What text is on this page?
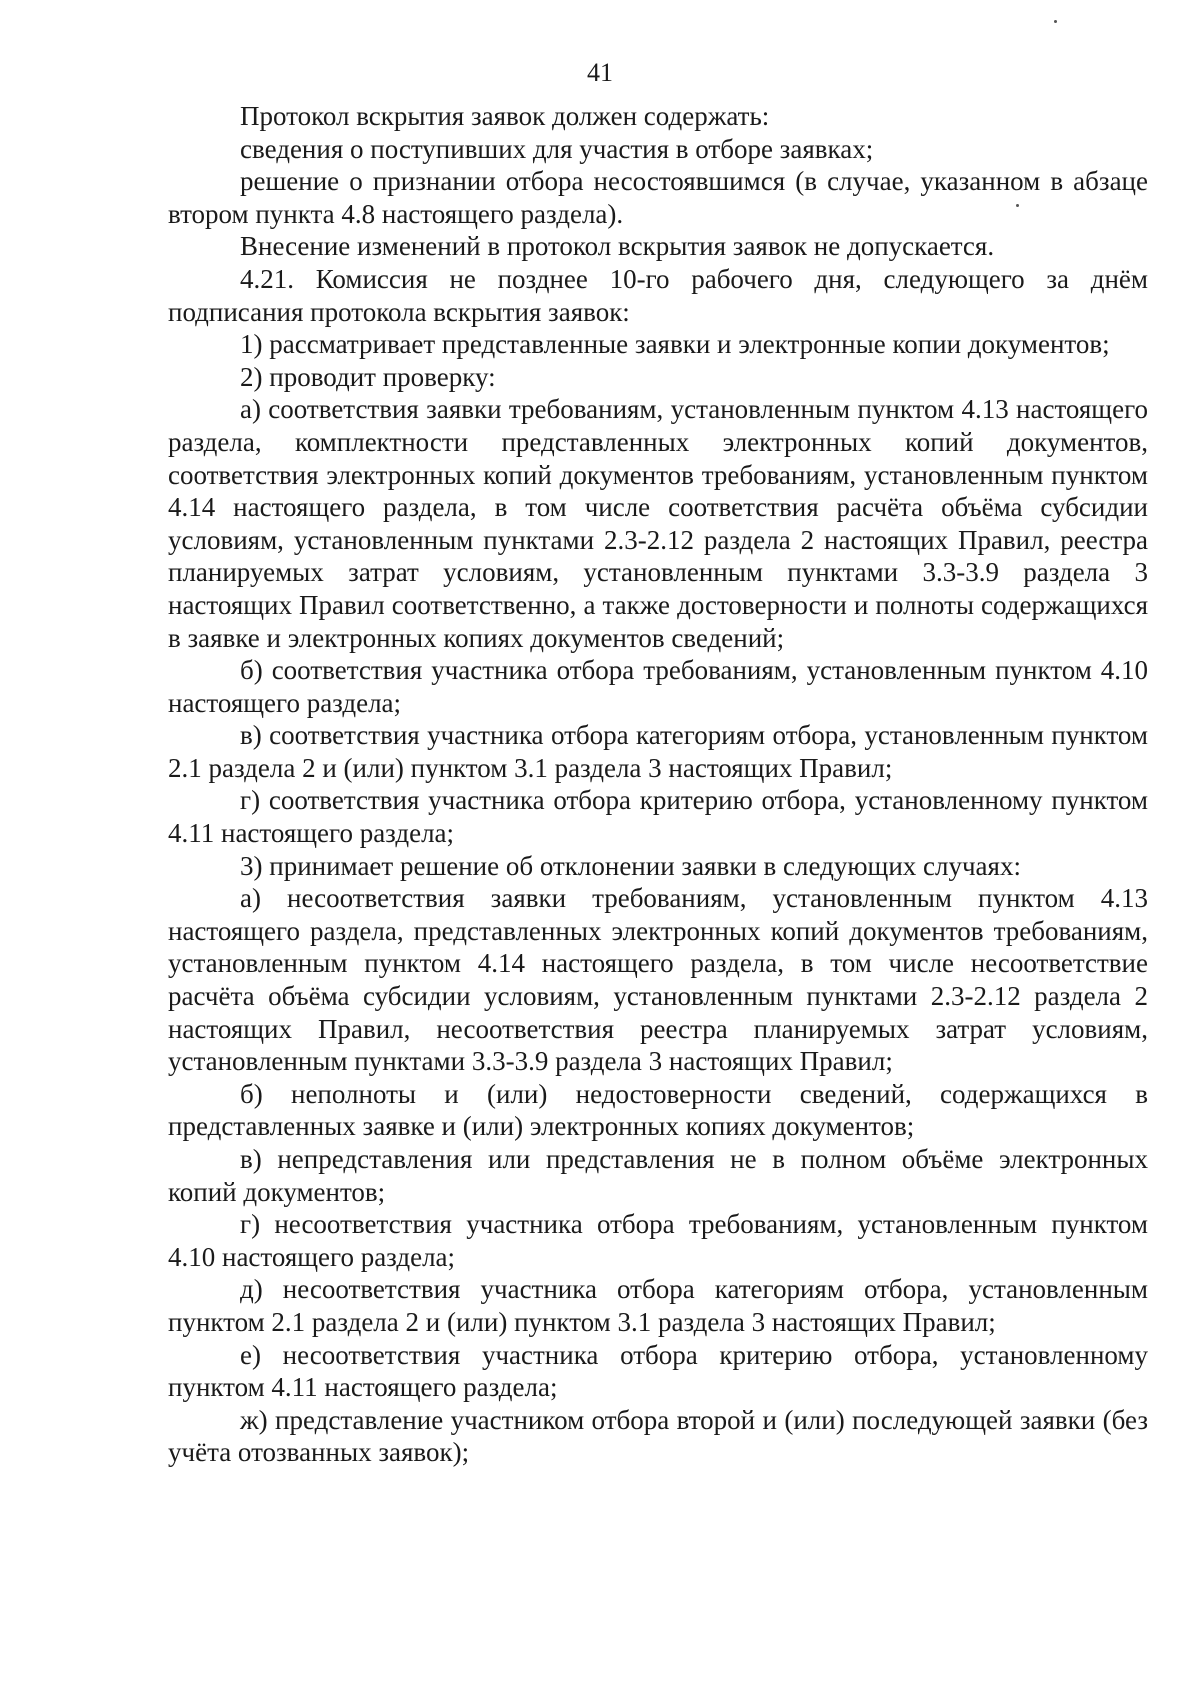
41

Протокол вскрытия заявок должен содержать:

сведения о поступивших для участия в отборе заявках;

решение о признании отбора несостоявшимся (в случае, указанном в абзаце втором пункта 4.8 настоящего раздела).

Внесение изменений в протокол вскрытия заявок не допускается.

4.21. Комиссия не позднее 10-го рабочего дня, следующего за днём подписания протокола вскрытия заявок:

1) рассматривает представленные заявки и электронные копии документов;

2) проводит проверку:

а) соответствия заявки требованиям, установленным пунктом 4.13 настоящего раздела, комплектности представленных электронных копий документов, соответствия электронных копий документов требованиям, установленным пунктом 4.14 настоящего раздела, в том числе соответствия расчёта объёма субсидии условиям, установленным пунктами 2.3-2.12 раздела 2 настоящих Правил, реестра планируемых затрат условиям, установленным пунктами 3.3-3.9 раздела 3 настоящих Правил соответственно, а также достоверности и полноты содержащихся в заявке и электронных копиях документов сведений;

б) соответствия участника отбора требованиям, установленным пунктом 4.10 настоящего раздела;

в) соответствия участника отбора категориям отбора, установленным пунктом 2.1 раздела 2 и (или) пунктом 3.1 раздела 3 настоящих Правил;

г) соответствия участника отбора критерию отбора, установленному пунктом 4.11 настоящего раздела;

3) принимает решение об отклонении заявки в следующих случаях:

а) несоответствия заявки требованиям, установленным пунктом 4.13 настоящего раздела, представленных электронных копий документов требованиям, установленным пунктом 4.14 настоящего раздела, в том числе несоответствие расчёта объёма субсидии условиям, установленным пунктами 2.3-2.12 раздела 2 настоящих Правил, несоответствия реестра планируемых затрат условиям, установленным пунктами 3.3-3.9 раздела 3 настоящих Правил;

б) неполноты и (или) недостоверности сведений, содержащихся в представленных заявке и (или) электронных копиях документов;

в) непредставления или представления не в полном объёме электронных копий документов;

г) несоответствия участника отбора требованиям, установленным пунктом 4.10 настоящего раздела;

д) несоответствия участника отбора категориям отбора, установленным пунктом 2.1 раздела 2 и (или) пунктом 3.1 раздела 3 настоящих Правил;

е) несоответствия участника отбора критерию отбора, установленному пунктом 4.11 настоящего раздела;

ж) представление участником отбора второй и (или) последующей заявки (без учёта отозванных заявок);
